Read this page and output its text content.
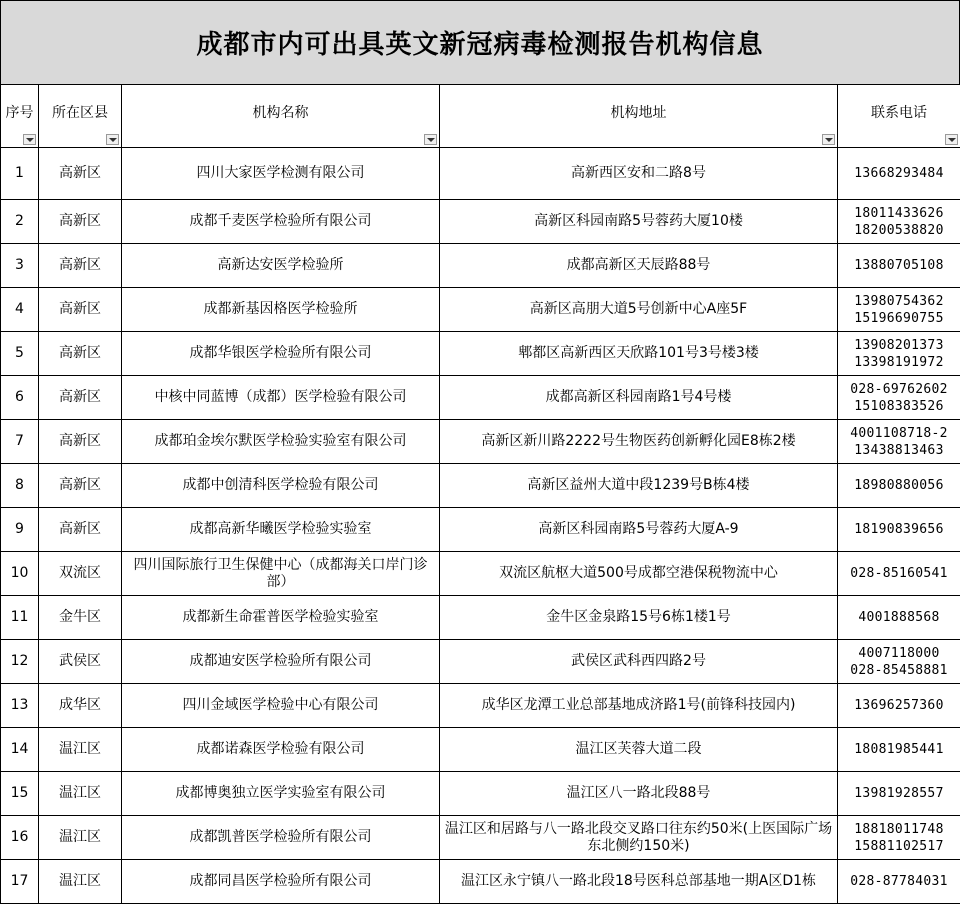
成都市内可出具英文新冠病毒检测报告机构信息
序号	所在区县	机构名称	机构地址	联系电话

1	高新区	四川大家医学检测有限公司	高新西区安和二路8号	13668293484

2	高新区	成都千麦医学检验所有限公司	高新区科园南路5号蓉药大厦10楼	18011433626
18200538820

3	高新区	高新达安医学检验所	成都高新区天辰路88号	13880705108

4	高新区	成都新基因格医学检验所	高新区高朋大道5号创新中心A座5F	13980754362
15196690755

5	高新区	成都华银医学检验所有限公司	郫都区高新西区天欣路101号3号楼3楼	13908201373
13398191972

6	高新区	中核中同蓝博（成都）医学检验有限公司	成都高新区科园南路1号4号楼	028-69762602
15108383526

7	高新区	成都珀金埃尔默医学检验实验室有限公司	高新区新川路2222号生物医药创新孵化园E8栋2楼	4001108718-2
13438813463

8	高新区	成都中创清科医学检验有限公司	高新区益州大道中段1239号B栋4楼	18980880056

9	高新区	成都高新华曦医学检验实验室	高新区科园南路5号蓉药大厦A-9	18190839656

10	双流区	四川国际旅行卫生保健中心（成都海关口岸门诊部）	双流区航枢大道500号成都空港保税物流中心	028-85160541

11	金牛区	成都新生命霍普医学检验实验室	金牛区金泉路15号6栋1楼1号	4001888568

12	武侯区	成都迪安医学检验所有限公司	武侯区武科西四路2号	4007118000
028-85458881

13	成华区	四川金域医学检验中心有限公司	成华区龙潭工业总部基地成济路1号(前锋科技园内)	13696257360

14	温江区	成都诺森医学检验有限公司	温江区芙蓉大道二段	18081985441

15	温江区	成都博奥独立医学实验室有限公司	温江区八一路北段88号	13981928557

16	温江区	成都凯普医学检验所有限公司	温江区和居路与八一路北段交叉路口往东约50米(上医国际广场东北侧约150米)	18818011748
15881102517

17	温江区	成都同昌医学检验所有限公司	温江区永宁镇八一路北段18号医科总部基地一期A区D1栋	028-87784031
